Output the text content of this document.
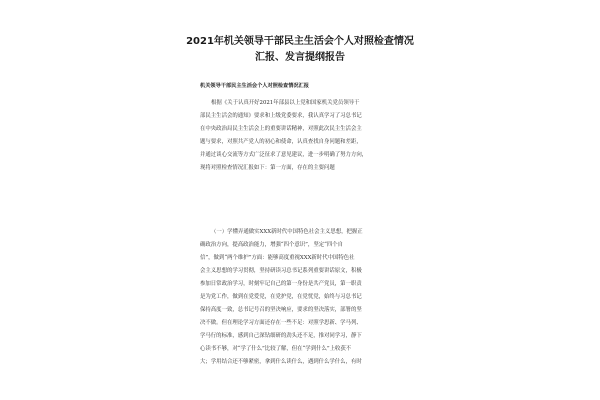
2021年机关领导干部民主生活会个人对照检查情况
汇报、发言提纲报告
机关领导干部民主生活会个人对照检查情况汇报
根据《关于认真开好2021年部县以上党和国家机关党员领导干
部民主生活会的通知》要求和上级党委要求，我认真学习了习总书记
在中央政治局民主生活会上的重要讲话精神，对照此次民主生活会主
题与要求，对照共产党人的初心和使命，认真查找自身问题和差距，
并通过谈心交流等方式广泛征求了意见建议，进一步明确了努力方向，
现将对照检查情况汇报如下：第一方面，存在的主要问题
（一）学懂弄通做实XXX新时代中国特色社会主义思想，把握正
确政治方向，提高政治能力，增强“四个意识”，坚定“四个自
信”，做到“两个维护”方面：能够高度重视XXX新时代中国特色社
会主义思想的学习贯彻，坚持研读习总书记系列重要讲话原文，积极
参加日常政治学习，时刻牢记自己的第一身份是共产党员，第一职责
是为党工作，做到在党爱党，在党护党，在党忧党，始终与习总书记
保持高度一致，总书记号召的坚决响应，要求的坚决落实，部署的坚
决不做。但在理论学习方面还存在一些不足：对照学思新、学马列、
学马行的标准，感到自己深钻细研的劲头还不足，推对同学习，静下
心读书不够，对“学了什么”比较了解，但在“学到什么”上收获不
大；学用结合还不够紧密，拿到什么读什么，遇到什么学什么，有时
